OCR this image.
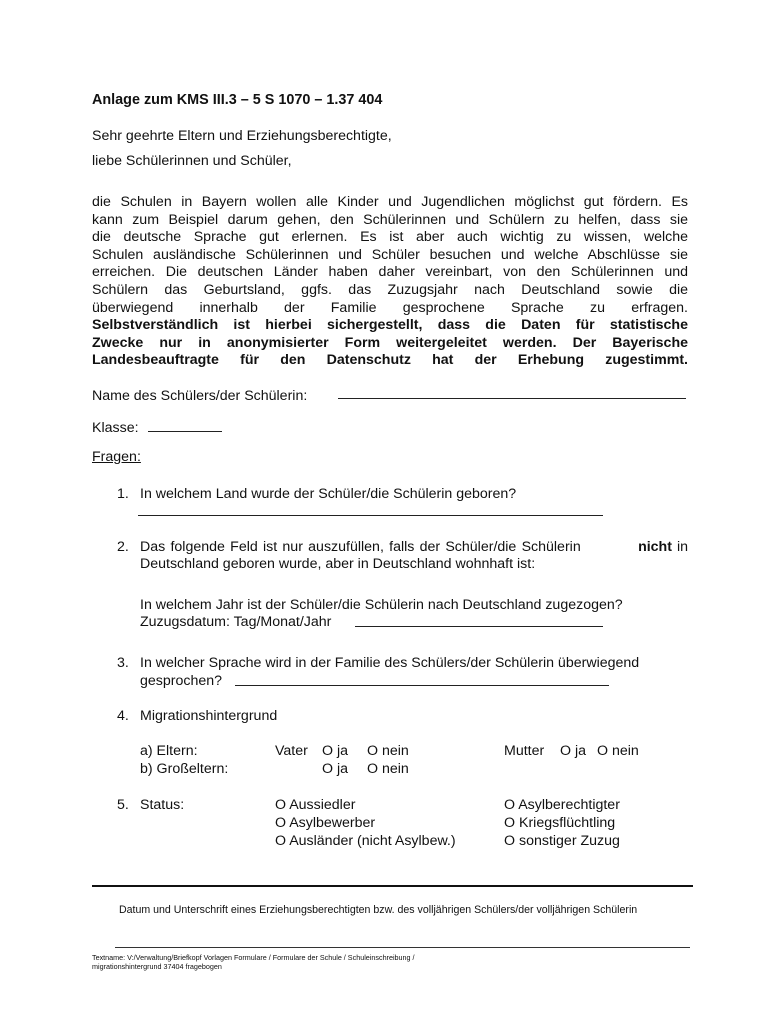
Anlage zum KMS III.3 – 5 S 1070 – 1.37 404
Sehr geehrte Eltern und Erziehungsberechtigte,
liebe Schülerinnen und Schüler,
die Schulen in Bayern wollen alle Kinder und Jugendlichen möglichst gut fördern. Es
kann zum Beispiel darum gehen, den Schülerinnen und Schülern zu helfen, dass sie
die deutsche Sprache gut erlernen. Es ist aber auch wichtig zu wissen, welche
Schulen ausländische Schülerinnen und Schüler besuchen und welche Abschlüsse sie
erreichen. Die deutschen Länder haben daher vereinbart, von den Schülerinnen und
Schülern das Geburtsland, ggfs. das Zuzugsjahr nach Deutschland sowie die
überwiegend innerhalb der Familie gesprochene Sprache zu erfragen.
Selbstverständlich ist hierbei sichergestellt, dass die Daten für statistische
Zwecke nur in anonymisierter Form weitergeleitet werden. Der Bayerische
Landesbeauftragte für den Datenschutz hat der Erhebung zugestimmt.
Name des Schülers/der Schülerin:
Klasse:
Fragen:
1. In welchem Land wurde der Schüler/die Schülerin geboren?
2. Das folgende Feld ist nur auszufüllen, falls der Schüler/die Schülerin	nicht in
Deutschland geboren wurde, aber in Deutschland wohnhaft ist:
In welchem Jahr ist der Schüler/die Schülerin nach Deutschland zugezogen?
Zuzugsdatum: Tag/Monat/Jahr
3. In welcher Sprache wird in der Familie des Schülers/der Schülerin überwiegend
gesprochen?
4. Migrationshintergrund
a) Eltern:
b) Großeltern:
Vater O ja O nein
O ja O nein
Mutter O ja O nein
5. Status:	O Aussiedler
O Asylbewerber
O Ausländer (nicht Asylbew.)
O Asylberechtigter
O Kriegsflüchtling
O sonstiger Zuzug
Datum und Unterschrift eines Erziehungsberechtigten bzw. des volljährigen Schülers/der volljährigen Schülerin
Textname: V:/Verwaltung/Briefkopf Vorlagen Formulare / Formulare der Schule / Schuleinschreibung /
migrationshintergrund 37404 fragebogen
